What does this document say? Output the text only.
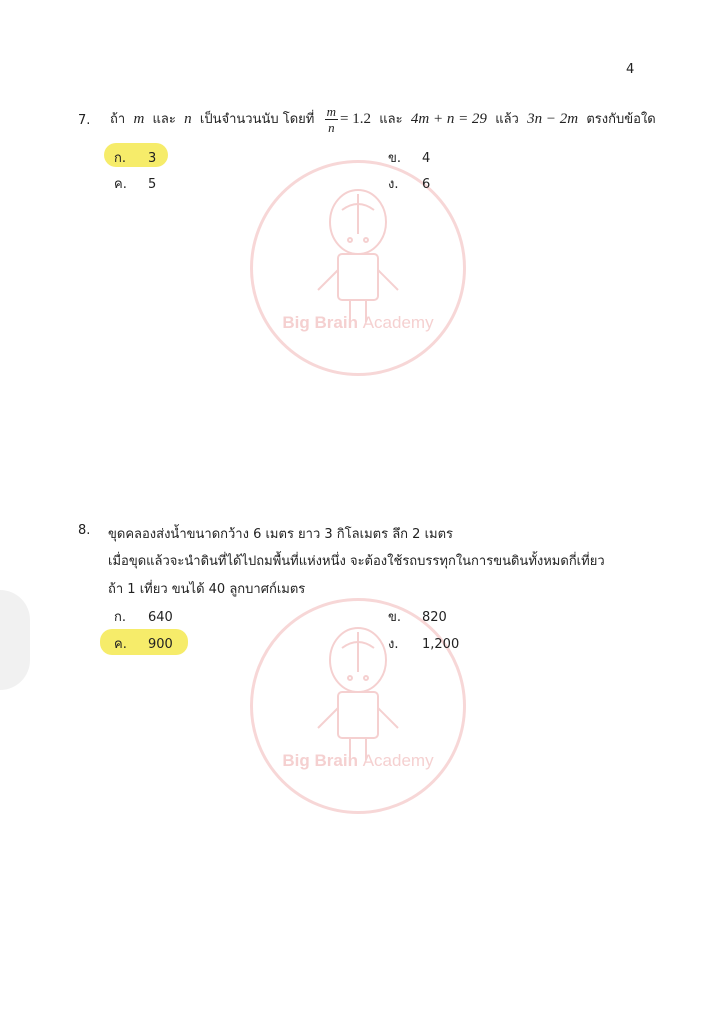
4
Big Brain Academy
Big Brain Academy
7. ถ้า m และ n เป็นจำนวนนับ โดยที่ $\frac{m}{n} = 1.2$ และ 4m + n = 29 แล้ว 3n − 2m ตรงกับข้อใด
ก. 3	ข. 4
ค. 5	ง. 6
8. ขุดคลองส่งน้ำขนาดกว้าง 6 เมตร ยาว 3 กิโลเมตร ลึก 2 เมตร
เมื่อขุดแล้วจะนำดินที่ได้ไปถมพื้นที่แห่งหนึ่ง จะต้องใช้รถบรรทุกในการขนดินทั้งหมดกี่เที่ยว
ถ้า 1 เที่ยว ขนได้ 40 ลูกบาศก์เมตร
ก. 640	ข. 820
ค. 900	ง. 1,200
